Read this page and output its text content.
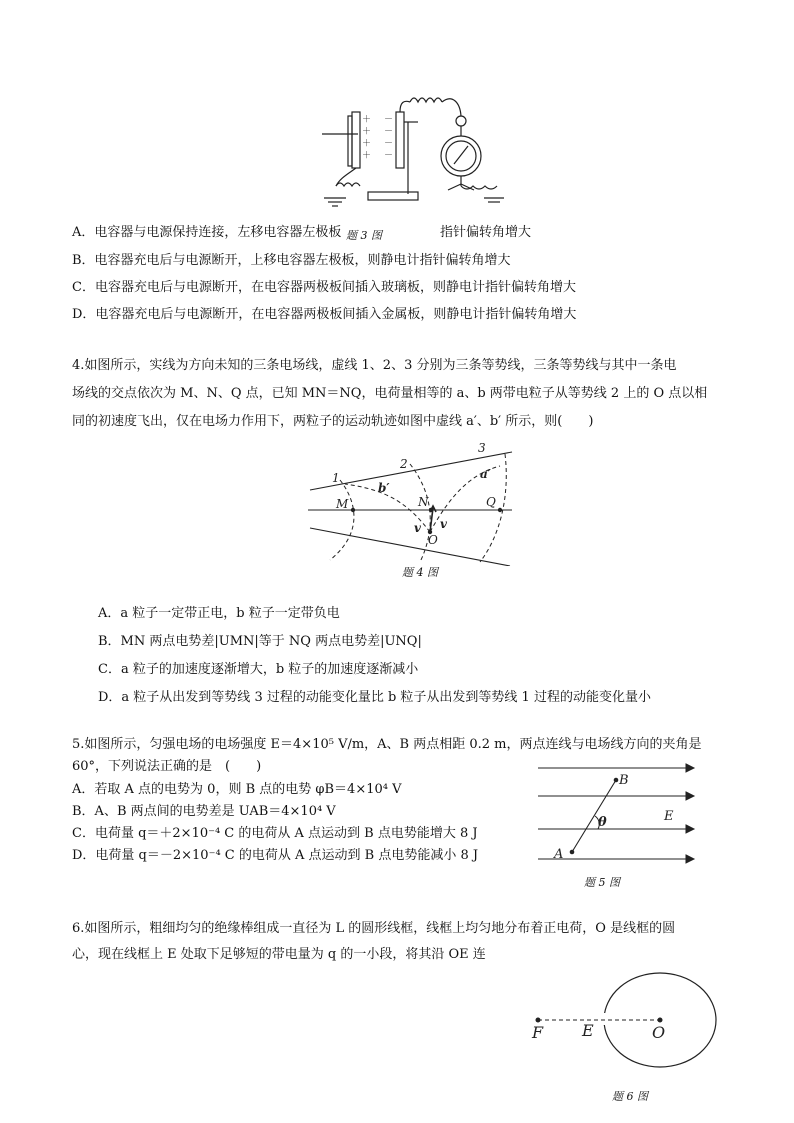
＋
＋
＋
＋
－
－
－
－
A．电容器与电源保持连接，左移电容器左极板 题 3 图	指针偏转角增大
B．电容器充电后与电源断开，上移电容器左极板，则静电计指针偏转角增大
C．电容器充电后与电源断开，在电容器两极板间插入玻璃板，则静电计指针偏转角增大
D．电容器充电后与电源断开，在电容器两极板间插入金属板，则静电计指针偏转角增大
4.如图所示，实线为方向未知的三条电场线，虚线 1、2、3 分别为三条等势线，三条等势线与其中一条电
场线的交点依次为 M、N、Q 点，已知 MN＝NQ，电荷量相等的 a、b 两带电粒子从等势线 2 上的 O 点以相
同的初速度飞出，仅在电场力作用下，两粒子的运动轨迹如图中虚线 a′、b′ 所示，则(　　)
1
2
3
b′
a′
M	N	Q
O
v v
题 4 图
A．a 粒子一定带正电，b 粒子一定带负电
B．MN 两点电势差|UMN|等于 NQ 两点电势差|UNQ|
C．a 粒子的加速度逐渐增大，b 粒子的加速度逐渐减小
D．a 粒子从出发到等势线 3 过程的动能变化量比 b 粒子从出发到等势线 1 过程的动能变化量小
5.如图所示，匀强电场的电场强度 E＝4×10⁵ V/m，A、B 两点相距 0.2 m，两点连线与电场线方向的夹角是
60°，下列说法正确的是　(　　)
A．若取 A 点的电势为 0，则 B 点的电势 φB＝4×10⁴ V
B．A、B 两点间的电势差是 UAB＝4×10⁴ V
C．电荷量 q＝＋2×10⁻⁴ C 的电荷从 A 点运动到 B 点电势能增大 8 J
D．电荷量 q＝－2×10⁻⁴ C 的电荷从 A 点运动到 B 点电势能减小 8 J
B
A
θ	E
题 5 图
6.如图所示，粗细均匀的绝缘棒组成一直径为 L 的圆形线框，线框上均匀地分布着正电荷，O 是线框的圆
心，现在线框上 E 处取下足够短的带电量为 q 的一小段，将其沿 OE 连
F E	O
题 6 图
